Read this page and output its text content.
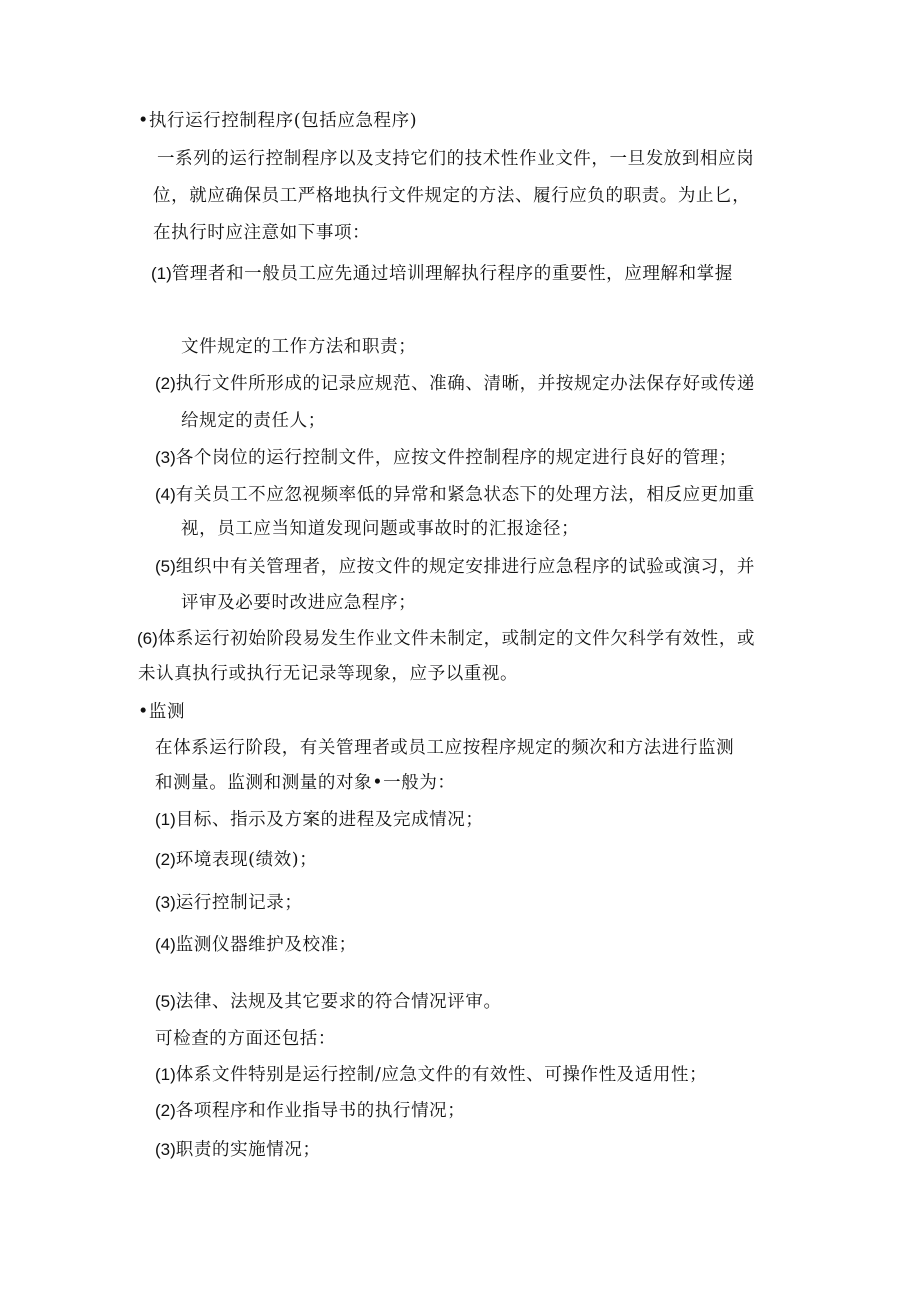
•执行运行控制程序(包括应急程序)
一系列的运行控制程序以及支持它们的技术性作业文件，一旦发放到相应岗
位，就应确保员工严格地执行文件规定的方法、履行应负的职责。为止匕，
在执行时应注意如下事项：
(1)管理者和一般员工应先通过培训理解执行程序的重要性，应理解和掌握
文件规定的工作方法和职责；
(2)执行文件所形成的记录应规范、准确、清晰，并按规定办法保存好或传递
给规定的责任人；
(3)各个岗位的运行控制文件，应按文件控制程序的规定进行良好的管理；
(4)有关员工不应忽视频率低的异常和紧急状态下的处理方法，相反应更加重
视，员工应当知道发现问题或事故时的汇报途径；
(5)组织中有关管理者，应按文件的规定安排进行应急程序的试验或演习，并
评审及必要时改进应急程序；
(6)体系运行初始阶段易发生作业文件未制定，或制定的文件欠科学有效性，或
未认真执行或执行无记录等现象，应予以重视。
•监测
在体系运行阶段，有关管理者或员工应按程序规定的频次和方法进行监测
和测量。监测和测量的对象•一般为：
(1)目标、指示及方案的进程及完成情况；
(2)环境表现(绩效)；
(3)运行控制记录；
(4)监测仪器维护及校准；
(5)法律、法规及其它要求的符合情况评审。
可检查的方面还包括：
(1)体系文件特别是运行控制/应急文件的有效性、可操作性及适用性；
(2)各项程序和作业指导书的执行情况；
(3)职责的实施情况；
